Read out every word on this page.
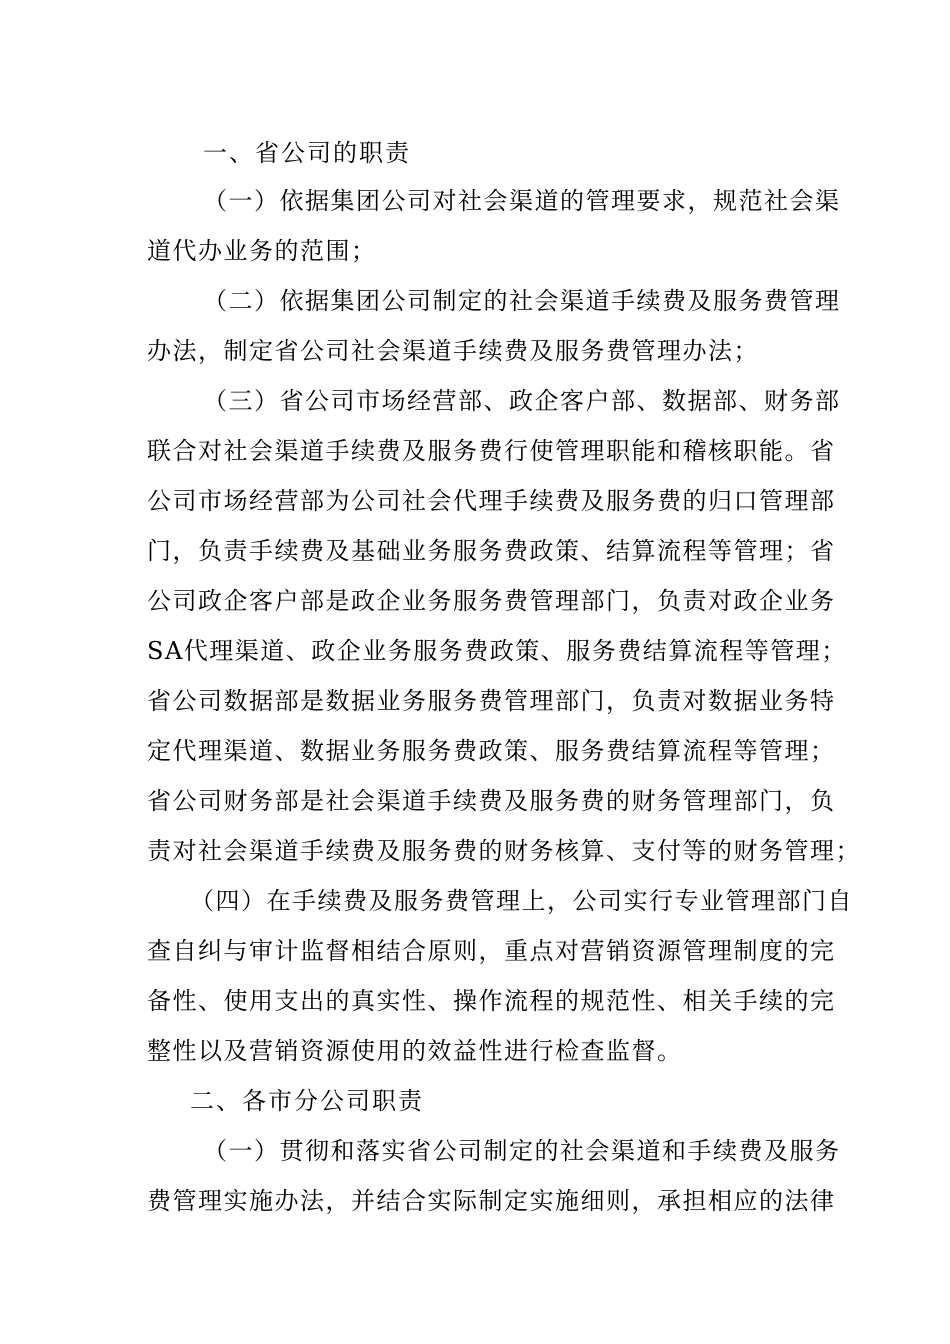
一、省公司的职责
（一）依据集团公司对社会渠道的管理要求，规范社会渠
道代办业务的范围；
（二）依据集团公司制定的社会渠道手续费及服务费管理
办法，制定省公司社会渠道手续费及服务费管理办法；
（三）省公司市场经营部、政企客户部、数据部、财务部
联合对社会渠道手续费及服务费行使管理职能和稽核职能。省
公司市场经营部为公司社会代理手续费及服务费的归口管理部
门，负责手续费及基础业务服务费政策、结算流程等管理；省
公司政企客户部是政企业务服务费管理部门，负责对政企业务
SA代理渠道、政企业务服务费政策、服务费结算流程等管理；
省公司数据部是数据业务服务费管理部门，负责对数据业务特
定代理渠道、数据业务服务费政策、服务费结算流程等管理；
省公司财务部是社会渠道手续费及服务费的财务管理部门，负
责对社会渠道手续费及服务费的财务核算、支付等的财务管理；
（四）在手续费及服务费管理上，公司实行专业管理部门自
查自纠与审计监督相结合原则，重点对营销资源管理制度的完
备性、使用支出的真实性、操作流程的规范性、相关手续的完
整性以及营销资源使用的效益性进行检查监督。
二、各市分公司职责
（一）贯彻和落实省公司制定的社会渠道和手续费及服务
费管理实施办法，并结合实际制定实施细则，承担相应的法律
